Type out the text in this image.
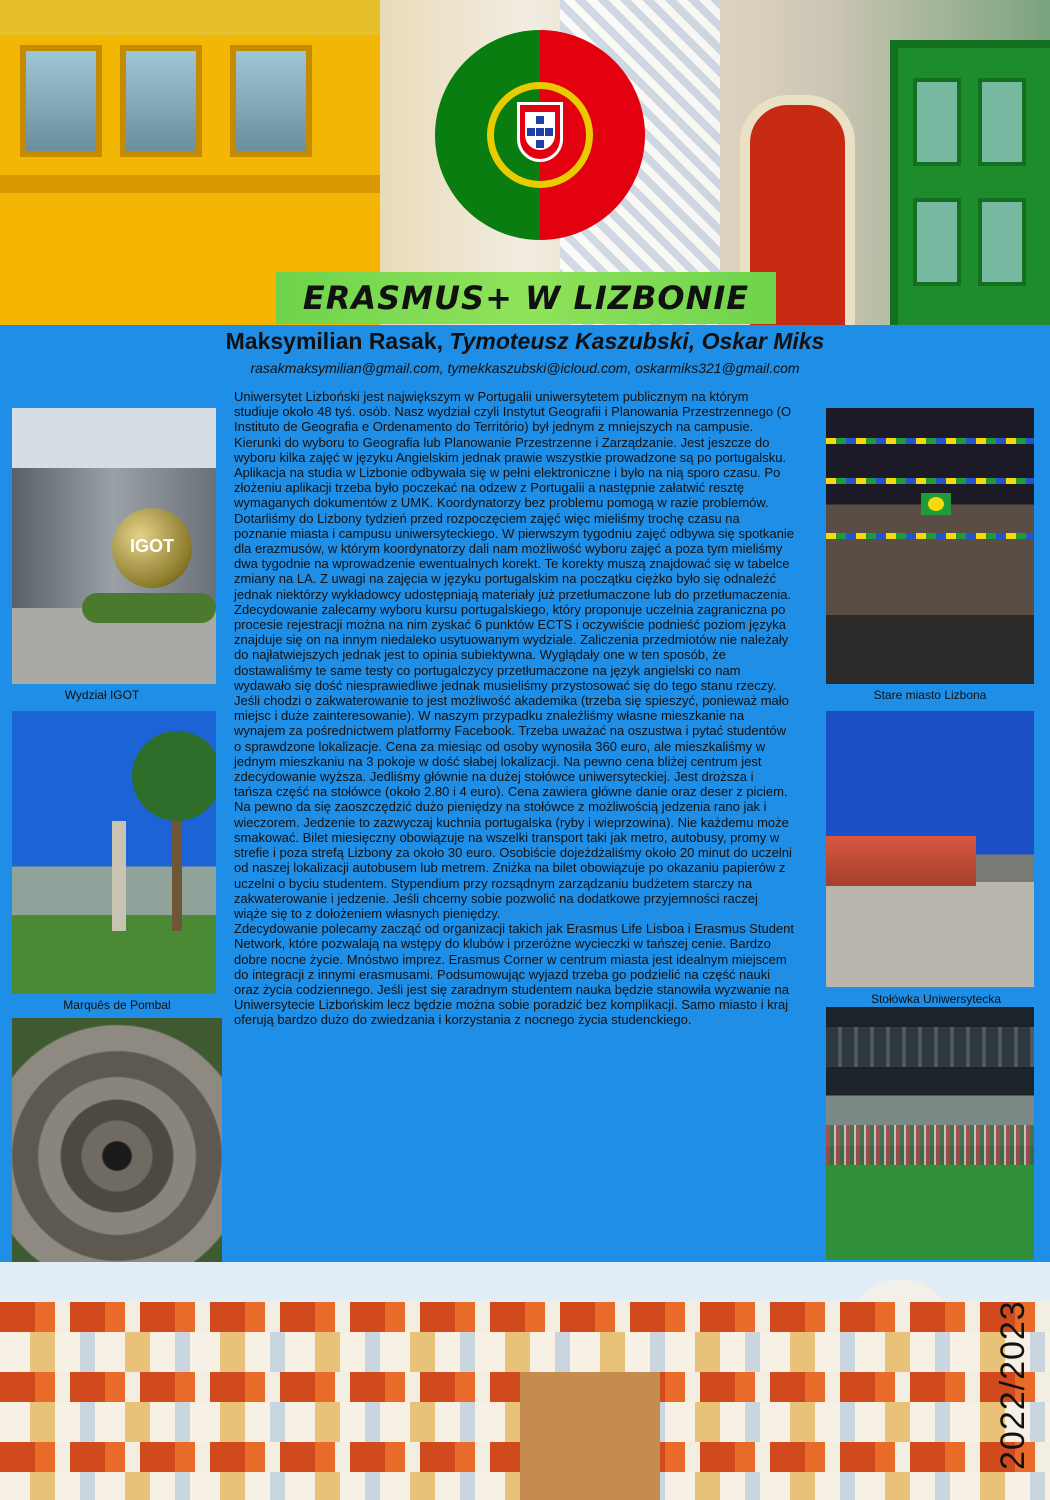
ERASMUS+ W LIZBONIE
Maksymilian Rasak, Tymoteusz Kaszubski, Oskar Miks
rasakmaksymilian@gmail.com, tymekkaszubski@icloud.com, oskarmiks321@gmail.com
IGOT
Wydział IGOT
Marquês de Pombal
Stare miasto Lizbona
Stołówka Uniwersytecka

Uniwersytet Lizboński jest największym w Portugalii uniwersytetem publicznym na którym studiuje około 48 tyś. osób. Nasz wydział czyli Instytut Geografii i Planowania Przestrzennego (O Instituto de Geografia e Ordenamento do Território) był jednym z mniejszych na campusie. Kierunki do wyboru to Geografia lub Planowanie Przestrzenne i Zarządzanie. Jest jeszcze do wyboru kilka zajęć w języku Angielskim jednak prawie wszystkie prowadzone są po portugalsku. Aplikacja na studia w Lizbonie odbywała się w pełni elektroniczne i było na nią sporo czasu. Po złożeniu aplikacji trzeba było poczekać na odzew z Portugalii a następnie załatwić resztę wymaganych dokumentów z UMK. Koordynatorzy bez problemu pomogą w razie problemów.

Dotarliśmy do Lizbony tydzień przed rozpoczęciem zajęć więc mieliśmy trochę czasu na poznanie miasta i campusu uniwersyteckiego. W pierwszym tygodniu zajęć odbywa się spotkanie dla erazmusów, w którym koordynatorzy dali nam możliwość wyboru zajęć a poza tym mieliśmy dwa tygodnie na wprowadzenie ewentualnych korekt. Te korekty muszą znajdować się w tabelce zmiany na LA. Z uwagi na zajęcia w języku portugalskim na początku ciężko było się odnaleźć jednak niektórzy wykładowcy udostępniają materiały już przetłumaczone lub do przetłumaczenia. Zdecydowanie zalecamy wyboru kursu portugalskiego, który proponuje uczelnia zagraniczna po procesie rejestracji można na nim zyskać 6 punktów ECTS i oczywiście podnieść poziom języka znajduje się on na innym niedaleko usytuowanym wydziale. Zaliczenia przedmiotów nie należały do najłatwiejszych jednak jest to opinia subiektywna. Wyglądały one w ten sposób, że dostawaliśmy te same testy co portugalczycy przetłumaczone na język angielski co nam wydawało się dość niesprawiedliwe jednak musieliśmy przystosować się do tego stanu rzeczy.

Jeśli chodzi o zakwaterowanie to jest możliwość akademika (trzeba się spieszyć, ponieważ mało miejsc i duże zainteresowanie). W naszym przypadku znaleźliśmy własne mieszkanie na wynajem za pośrednictwem platformy Facebook. Trzeba uważać na oszustwa i pytać studentów o sprawdzone lokalizacje. Cena za miesiąc od osoby wynosiła 360 euro, ale mieszkaliśmy w jednym mieszkaniu na 3 pokoje w dość słabej lokalizacji. Na pewno cena bliżej centrum jest zdecydowanie wyższa. Jedliśmy głównie na dużej stołówce uniwersyteckiej. Jest droższa i tańsza część na stołówce (około 2.80 i 4 euro). Cena zawiera główne danie oraz deser z piciem. Na pewno da się zaoszczędzić dużo pieniędzy na stołówce z możliwością jedzenia rano jak i wieczorem. Jedzenie to zazwyczaj kuchnia portugalska (ryby i wieprzowina). Nie każdemu może smakować. Bilet miesięczny obowiązuje na wszelki transport taki jak metro, autobusy, promy w strefie i poza strefą Lizbony za około 30 euro. Osobiście dojeżdżaliśmy około 20 minut do uczelni od naszej lokalizacji autobusem lub metrem. Zniżka na bilet obowiązuje po okazaniu papierów z uczelni o byciu studentem. Stypendium przy rozsądnym zarządzaniu budżetem starczy na zakwaterowanie i jedzenie. Jeśli chcemy sobie pozwolić na dodatkowe przyjemności raczej wiąże się to z dołożeniem własnych pieniędzy.

Zdecydowanie polecamy zacząć od organizacji takich jak Erasmus Life Lisboa i Erasmus Student Network, które pozwalają na wstępy do klubów i przeróżne wycieczki w tańszej cenie. Bardzo dobre nocne życie. Mnóstwo imprez. Erasmus Corner w centrum miasta jest idealnym miejscem do integracji z innymi erasmusami. Podsumowując wyjazd trzeba go podzielić na część nauki oraz życia codziennego. Jeśli jest się zaradnym studentem nauka będzie stanowiła wyzwanie na Uniwersytecie Lizbońskim lecz będzie można sobie poradzić bez komplikacji. Samo miasto i kraj oferują bardzo dużo do zwiedzania i korzystania z nocnego życia studenckiego.

2022/2023
